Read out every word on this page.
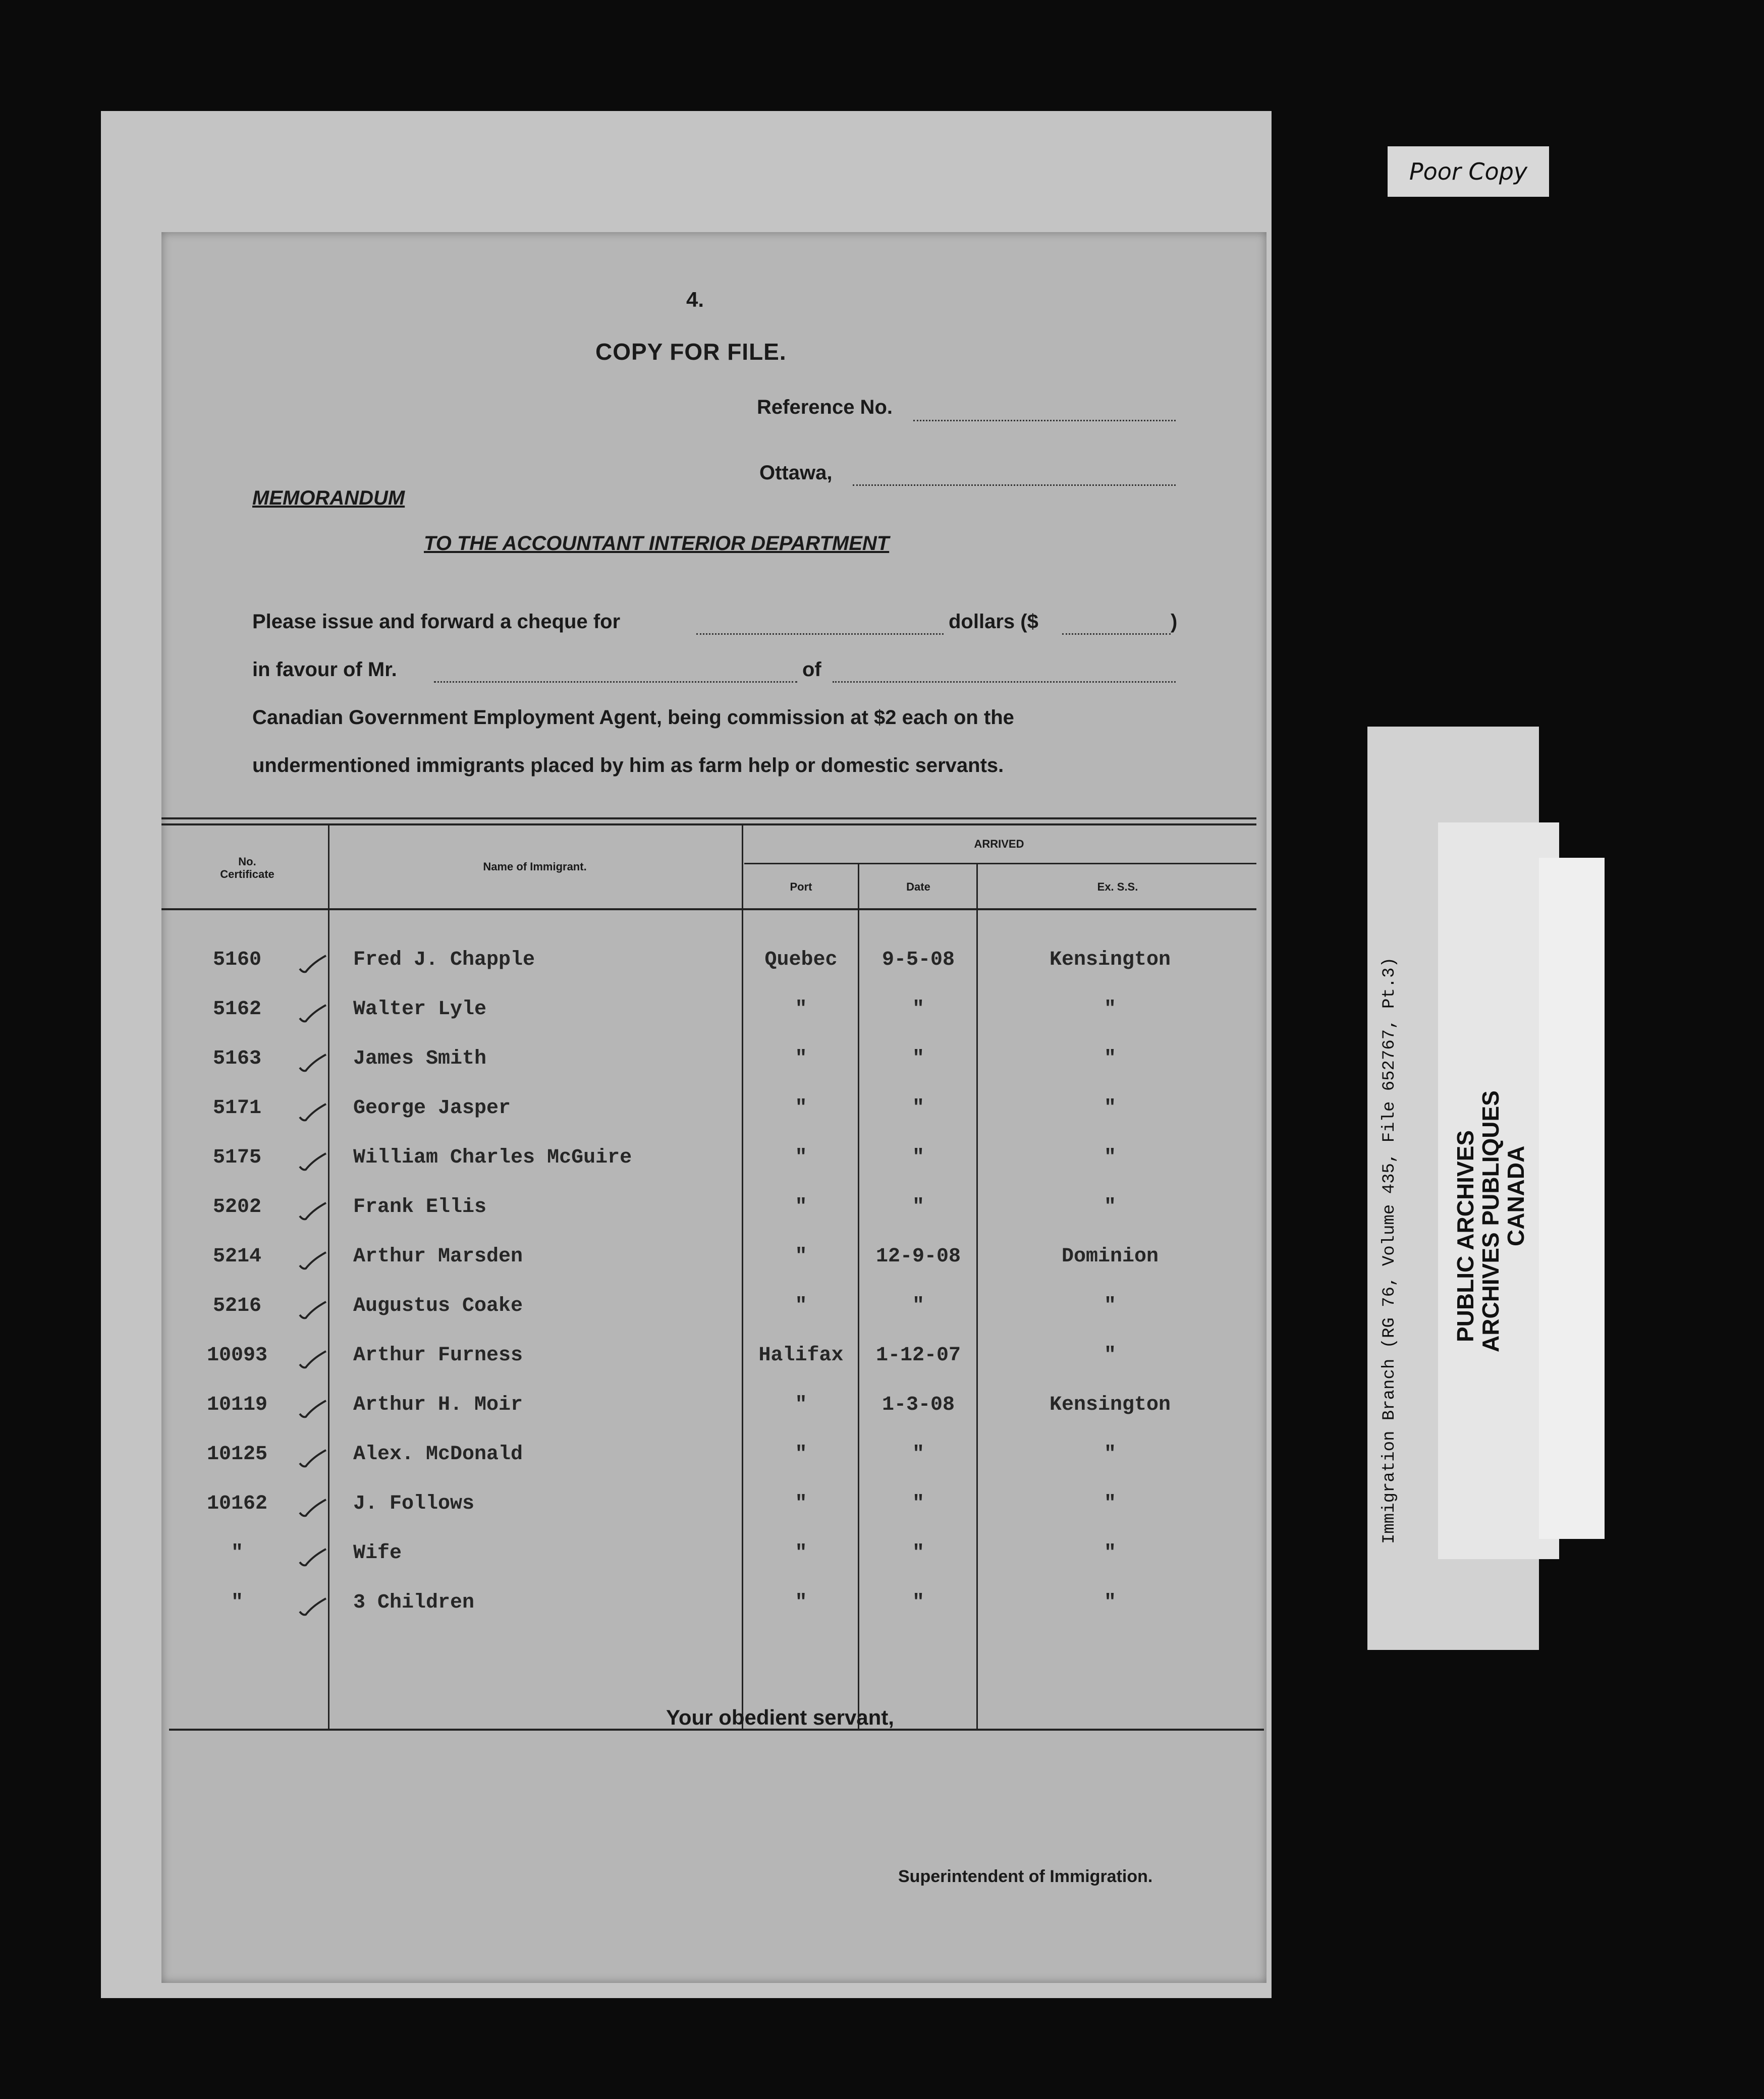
4.
COPY FOR FILE.
Reference No.
Ottawa,
MEMORANDUM
TO THE ACCOUNTANT INTERIOR DEPARTMENT
Please issue and forward a cheque for	dollars ($	)
in favour of Mr.	of
Canadian Government Employment Agent, being commission at $2 each on the
undermentioned immigrants placed by him as farm help or domestic servants.
No.
Certificate
Name of Immigrant.
ARRIVED
Port	Date	Ex. S.S.
5160	Fred J. Chapple	Quebec	9-5-08	Kensington
5162	Walter Lyle	"	"	"
5163	James Smith	"	"	"
5171	George Jasper	"	"	"
5175	William Charles McGuire	"	"	"
5202	Frank Ellis	"	"	"
5214	Arthur Marsden	"	12-9-08	Dominion
5216	Augustus Coake	"	"	"
10093	Arthur Furness	Halifax	1-12-07	"
10119	Arthur H. Moir	"	1-3-08	Kensington
10125	Alex. McDonald	"	"	"
10162	J. Follows	"	"	"
"	Wife	"	"	"
"	3 Children	"	"	"
Your obedient servant,
Superintendent of Immigration.
Poor Copy
Immigration Branch (RG 76, Volume 435, File 652767, Pt.3) PUBLIC ARCHIVES
ARCHIVES PUBLIQUES
CANADA
